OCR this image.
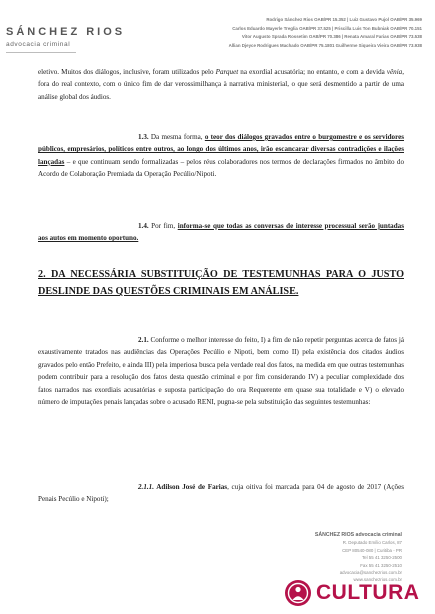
SÁNCHEZ RIOS
advocacia criminal
Rodrigo Sánchez Rios OAB/PR 15.352 | Luiz Gustavo Pujol OAB/PR 35.969
Carlos Eduardo Mayerle Treglia OAB/PR 37.525 | Priscilla Luis Ton Bubniak OAB/PR 70.151
Vitor Augusto Sprada Rossetim OAB/PR 70.386 | Renata Amaral Farias OAB/PR 73.538
Allian Djeyce Rodrigues Machado OAB/PR 75.1801 Guilherme Siqueira Vieira OAB/PR 73.938
eletivo. Muitos dos diálogos, inclusive, foram utilizados pelo Parquet na exordial acusatória; no entanto, e com a devida vênia, fora do real contexto, com o único fim de dar verossimilhança à narrativa ministerial, o que será desmentido a partir de uma análise global dos áudios.
1.3. Da mesma forma, o teor dos diálogos gravados entre o burgomestre e os servidores públicos, empresários, políticos entre outros, ao longo dos últimos anos, irão escancarar diversas contradições e ilações lançadas – e que continuam sendo formalizadas – pelos réus colaboradores nos termos de declarações firmados no âmbito do Acordo de Colaboração Premiada da Operação Pecúlio/Nipoti.
1.4. Por fim, informa-se que todas as conversas de interesse processual serão juntadas aos autos em momento oportuno.
2. DA NECESSÁRIA SUBSTITUIÇÃO DE TESTEMUNHAS PARA O JUSTO DESLINDE DAS QUESTÕES CRIMINAIS EM ANÁLISE.
2.1. Conforme o melhor interesse do feito, I) a fim de não repetir perguntas acerca de fatos já exaustivamente tratados nas audiências das Operações Pecúlio e Nipoti, bem como II) pela existência dos citados áudios gravados pelo então Prefeito, e ainda III) pela imperiosa busca pela verdade real dos fatos, na medida em que outras testemunhas podem contribuir para a resolução dos fatos desta questão criminal e por fim considerando IV) a peculiar complexidade dos fatos narrados nas exordiais acusatórias e suposta participação do ora Requerente em quase sua totalidade e V) o elevado número de imputações penais lançadas sobre o acusado RENI, pugna-se pela substituição das seguintes testemunhas:
2.1.1. Adilson José de Farias, cuja oitiva foi marcada para 04 de agosto de 2017 (Ações Penais Pecúlio e Nipoti);
SÁNCHEZ RIOS advocacia criminal
R. Deputado Emílio Carlos, 87
CEP 80540-080 | Curitiba - PR
Tel 55 41 3250-2500
Fax 55 41 3250-2510
advocacia@sanchezrios.com.br
www.sanchezrios.com.br
CULTURA
